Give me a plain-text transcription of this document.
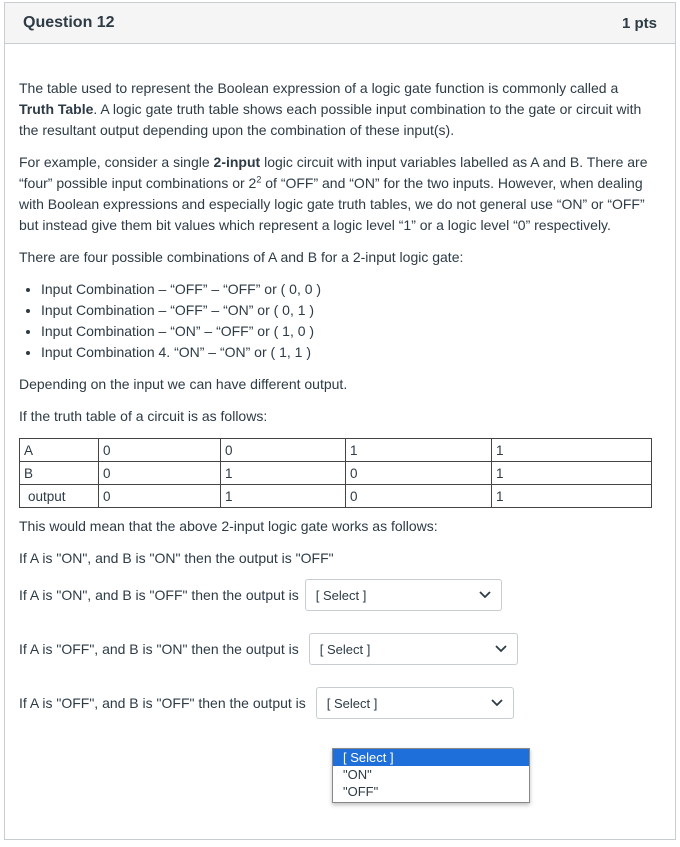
Question 12	1 pts

The table used to represent the Boolean expression of a logic gate function is commonly called a Truth Table. A logic gate truth table shows each possible input combination to the gate or circuit with the resultant output depending upon the combination of these input(s).

For example, consider a single 2-input logic circuit with input variables labelled as A and B. There are “four” possible input combinations or $2^2$ of “OFF” and “ON” for the two inputs. However, when dealing with Boolean expressions and especially logic gate truth tables, we do not general use “ON” or “OFF” but instead give them bit values which represent a logic level “1” or a logic level “0” respectively.

There are four possible combinations of A and B for a 2-input logic gate:

• Input Combination – “OFF” – “OFF” or ( 0, 0 )
• Input Combination – “OFF” – “ON” or ( 0, 1 )
• Input Combination – “ON” – “OFF” or ( 1, 0 )
• Input Combination 4. “ON” – “ON” or ( 1, 1 )

Depending on the input we can have different output.

If the truth table of a circuit is as follows:

A	0	0	1	1
B	0	1	0	1
output	0	1	0	1

This would mean that the above 2-input logic gate works as follows:

If A is "ON", and B is "ON" then the output is "OFF"

If A is "ON", and B is "OFF" then the output is [ Select ]
If A is "OFF", and B is "ON" then the output is [ Select ]
If A is "OFF", and B is "OFF" then the output is [ Select ]
[ Select ]
"ON"
"OFF"
